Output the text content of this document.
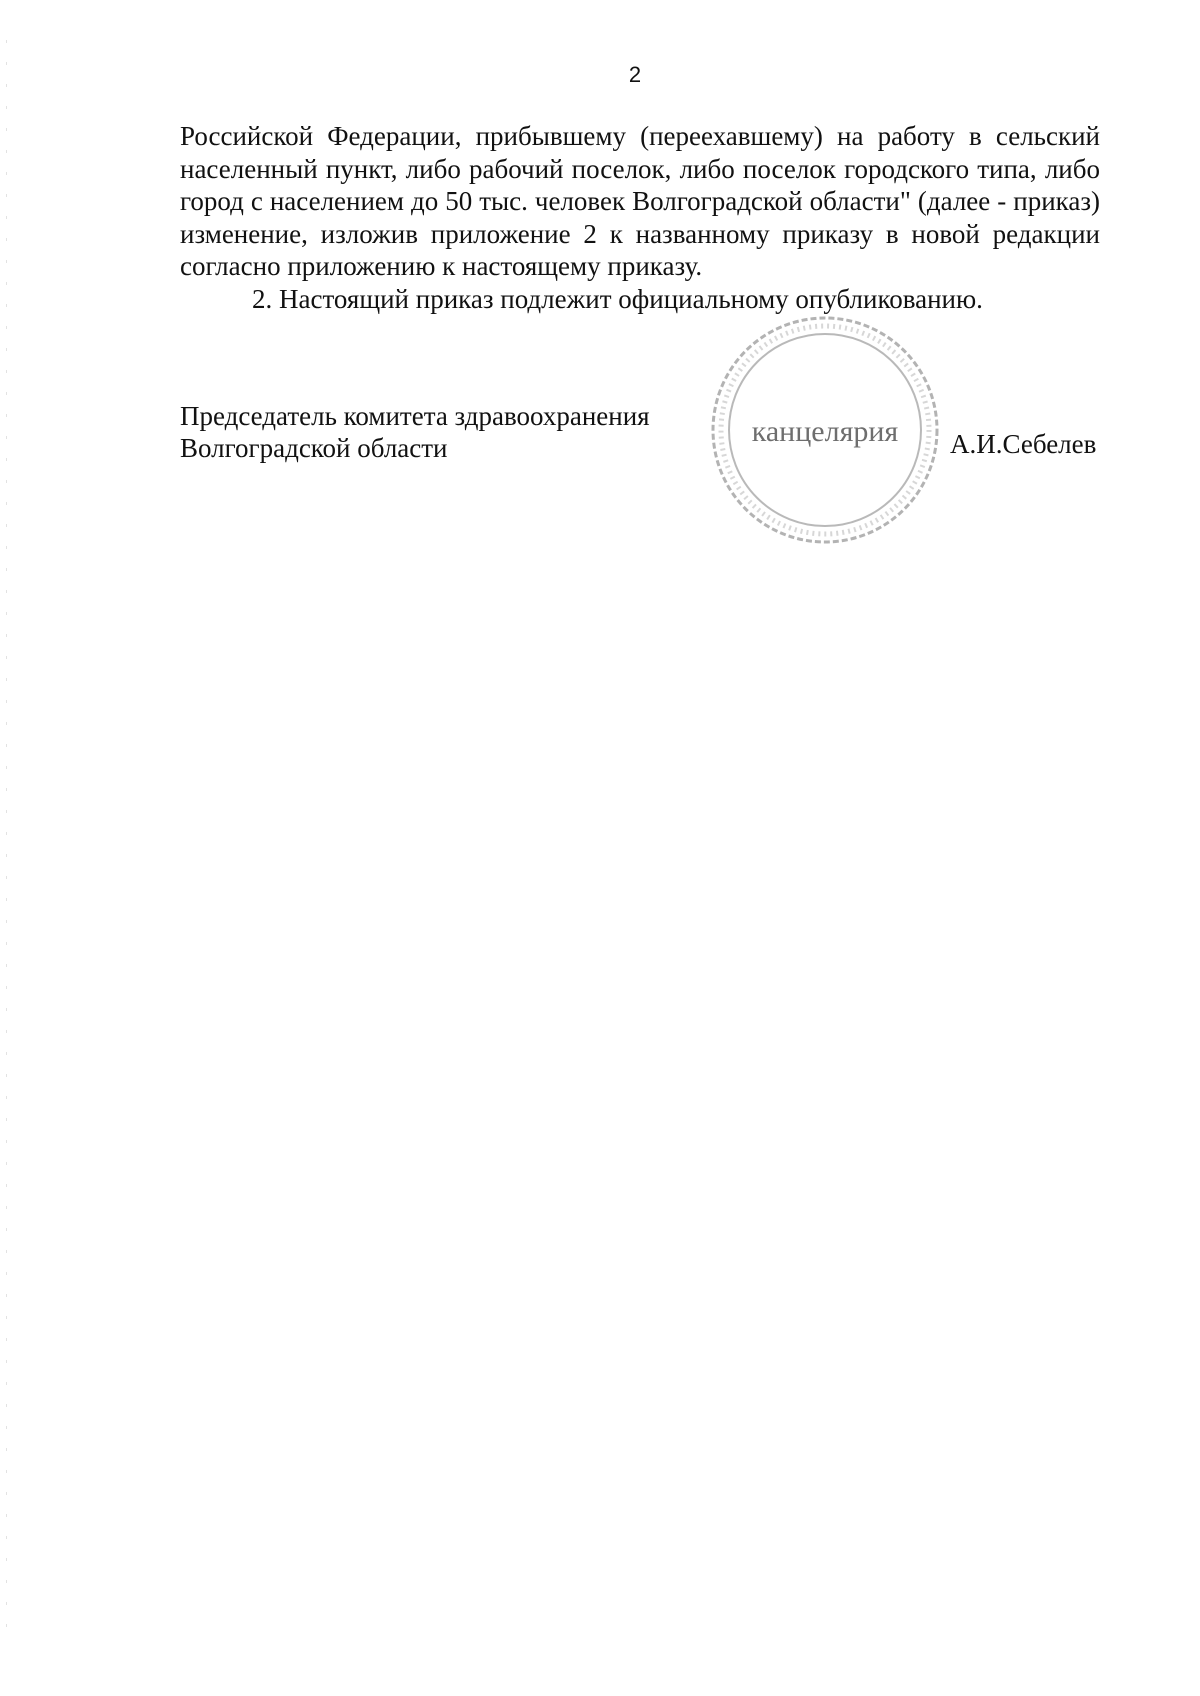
2

Российской Федерации, прибывшему (переехавшему) на работу в сельский населенный пункт, либо рабочий поселок, либо поселок городского типа, либо город с населением до 50 тыс. человек Волгоградской области" (далее - приказ) изменение, изложив приложение 2 к названному приказу в новой редакции согласно приложению к настоящему приказу.

2. Настоящий приказ подлежит официальному опубликованию.

Председатель комитета здравоохранения
Волгоградской области	канцелярия А.И.Себелев
